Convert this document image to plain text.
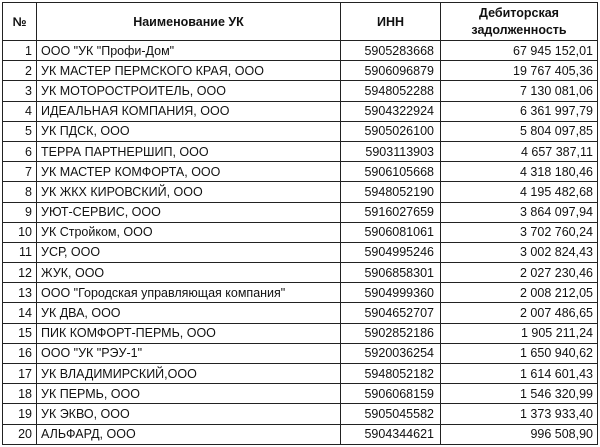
№	Наименование УК	ИНН	Дебиторская
задолженность
1	ООО "УК "Профи-Дом"	5905283668	67 945 152,01
2	УК МАСТЕР ПЕРМСКОГО КРАЯ, ООО	5906096879	19 767 405,36
3	УК МОТОРОСТРОИТЕЛЬ, ООО	5948052288	7 130 081,06
4	ИДЕАЛЬНАЯ КОМПАНИЯ, ООО	5904322924	6 361 997,79
5	УК ПДСК, ООО	5905026100	5 804 097,85
6	ТЕРРА ПАРТНЕРШИП, ООО	5903113903	4 657 387,11
7	УК МАСТЕР КОМФОРТА, ООО	5906105668	4 318 180,46
8	УК ЖКХ КИРОВСКИЙ, ООО	5948052190	4 195 482,68
9	УЮТ-СЕРВИС, ООО	5916027659	3 864 097,94
10	УК Стройком, ООО	5906081061	3 702 760,24
11	УСР, ООО	5904995246	3 002 824,43
12	ЖУК, ООО	5906858301	2 027 230,46
13	ООО "Городская управляющая компания"	5904999360	2 008 212,05
14	УК ДВА, ООО	5904652707	2 007 486,65
15	ПИК КОМФОРТ-ПЕРМЬ, ООО	5902852186	1 905 211,24
16	ООО "УК "РЭУ-1"	5920036254	1 650 940,62
17	УК ВЛАДИМИРСКИЙ,ООО	5948052182	1 614 601,43
18	УК ПЕРМЬ, ООО	5906068159	1 546 320,99
19	УК ЭКВО, ООО	5905045582	1 373 933,40
20	АЛЬФАРД, ООО	5904344621	996 508,90
